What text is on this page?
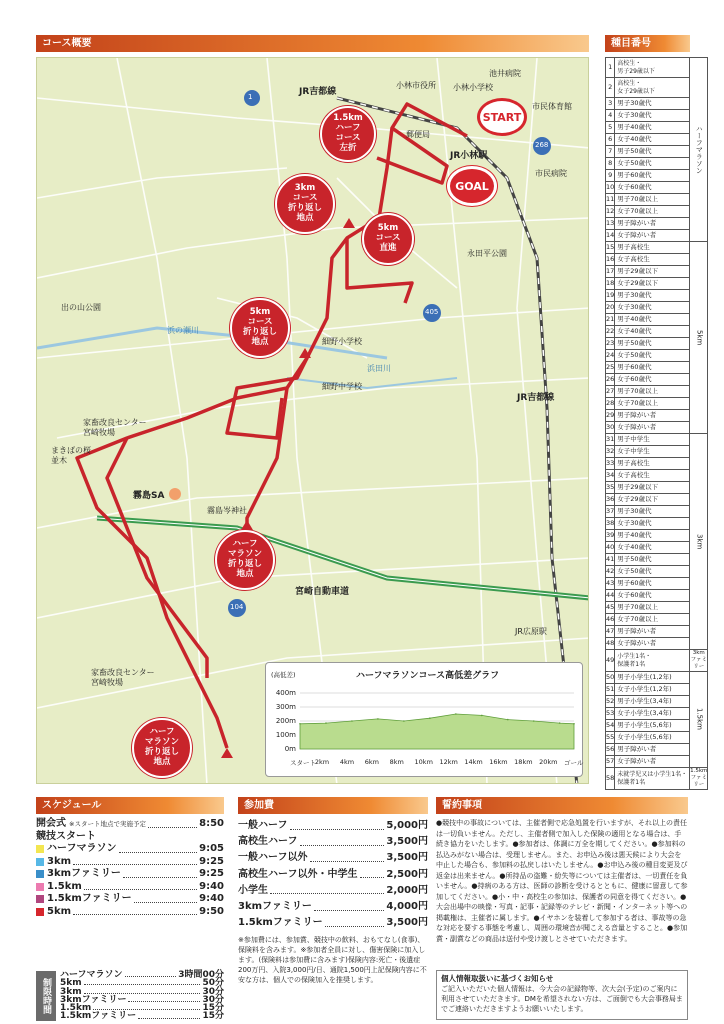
コース概要	種目番号
スケジュール	参加費	誓約事項
1
268
405
104
JR吉都線
小林市役所 小林小学校
池井病院
市民体育館
郵便局
JR小林駅
市民病院
永田平公園
出の山公園
浜の瀬川
細野小学校
細野中学校
浜田川
JR吉都線
家畜改良センター
宮崎牧場
まきばの桜
並木
霧島SA
霧島岑神社
宮崎自動車道
JR広原駅
家畜改良センター
宮崎牧場
START
GOAL
1.5km
ハーフ
コース
左折
3km
コース
折り返し
地点
5km
コース
直進
5km
コース
折り返し
地点
ハーフ
マラソン
折り返し
地点
ハーフ
マラソン
折り返し
地点
(高低差)	ハーフマラソンコース高低差グラフ
400m
300m
200m
100m
0m
スタート
2km 4km 6km 8km 10km 12km 14km 16km 18km 20km ゴール
1	高校生・
男子29歳以下	ハーフマラソン
2	高校生・
女子29歳以下	
3	男子30歳代	
4	女子30歳代	
5	男子40歳代	
6	女子40歳代	
7	男子50歳代	
8	女子50歳代	
9	男子60歳代	
10	女子60歳代	
11	男子70歳以上	
12	女子70歳以上	
13	男子障がい者	
14	女子障がい者	
15	男子高校生	5km
16	女子高校生	
17	男子29歳以下	
18	女子29歳以下	
19	男子30歳代	
20	女子30歳代	
21	男子40歳代	
22	女子40歳代	
23	男子50歳代	
24	女子50歳代	
25	男子60歳代	
26	女子60歳代	
27	男子70歳以上	
28	女子70歳以上	
29	男子障がい者	
30	女子障がい者	
31	男子中学生	3km
32	女子中学生	
33	男子高校生	
34	女子高校生	
35	男子29歳以下	
36	女子29歳以下	
37	男子30歳代	
38	女子30歳代	
39	男子40歳代	
40	女子40歳代	
41	男子50歳代	
42	女子50歳代	
43	男子60歳代	
44	女子60歳代	
45	男子70歳以上	
46	女子70歳以上	
47	男子障がい者	
48	女子障がい者	
49	小学生1名・
保護者1名	3km ファミリー
50	男子小学生(1,2年)	1.5km
51	女子小学生(1,2年)	
52	男子小学生(3,4年)	
53	女子小学生(3,4年)	
54	男子小学生(5,6年)	
55	女子小学生(5,6年)	
56	男子障がい者	
57	女子障がい者	
58	未就学児又は小学生1名・
保護者1名	1.5km ファミリー
開会式 ※スタート地点で実施予定	8:50
競技スタート
ハーフマラソン	9:05
3km	9:25
3kmファミリー	9:25
1.5km	9:40
1.5kmファミリー	9:40
5km	9:50
制限時間
ハーフマラソン	3時間00分
5km	50分
3km	30分
3kmファミリー	30分
1.5km	15分
1.5kmファミリー	15分
一般ハーフ	5,000円
高校生ハーフ	3,500円
一般ハーフ以外	3,500円
高校生ハーフ以外・中学生	2,500円
小学生	2,000円
3kmファミリー	4,000円
1.5kmファミリー	3,500円
※参加費には、参加賞、競技中の飲料、おもてなし(食事)、保険料を含みます。※参加者全員に対し、傷害保険に加入します。(保険料は参加費に含みます)保険内容:死亡・後遺症200万円、入院3,000円/日、通院1,500円上記保険内容に不安な方は、個人での保険加入を推奨します。
●競技中の事故については、主催者側で応急処置を行いますが、それ以上の責任は一切負いません。ただし、主催者側で加入した保険の適用となる場合は、手続き協力をいたします。●参加者は、体調に万全を期してください。●参加料の払込みがない場合は、受理しません。また、お申込み後は悪天候により大会を中止した場合も、参加料の払戻しはいたしません。●お申込み後の種目変更及び返金は出来ません。●所持品の盗難・紛失等については主催者は、一切責任を負いません。●持病のある方は、医師の診断を受けるとともに、健康に留意して参加してください。●小・中・高校生の参加は、保護者の同意を得てください。●大会出場中の映像・写真・記事・記録等のテレビ・新聞・インターネット等への掲載権は、主催者に属します。●イヤホンを装着して参加する者は、事故等の急な対応を要する事態を考慮し、周囲の環境音が聞こえる音量とすること。●参加賞・副賞などの商品は送付や受け渡しとさせていただきます。
個人情報取扱いに基づくお知らせ
ご記入いただいた個人情報は、今大会の記録物等、次大会(予定)のご案内に利用させていただきます。DMを希望されない方は、ご面倒でも大会事務局までご連絡いただきますようお願いいたします。
